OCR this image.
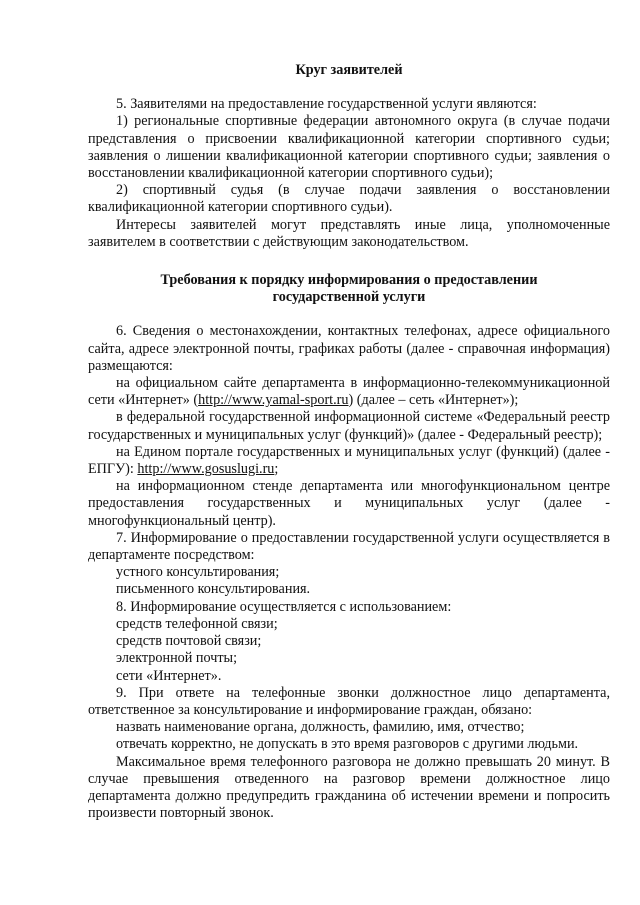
Круг заявителей

5. Заявителями на предоставление государственной услуги являются:

1) региональные спортивные федерации автономного округа (в случае подачи представления о присвоении квалификационной категории спортивного судьи; заявления о лишении квалификационной категории спортивного судьи; заявления о восстановлении квалификационной категории спортивного судьи);

2) спортивный судья (в случае подачи заявления о восстановлении квалификационной категории спортивного судьи).

Интересы заявителей могут представлять иные лица, уполномоченные заявителем в соответствии с действующим законодательством.

Требования к порядку информирования о предоставлении
государственной услуги

6. Сведения о местонахождении, контактных телефонах, адресе официального сайта, адресе электронной почты, графиках работы (далее - справочная информация) размещаются:

на официальном сайте департамента в информационно-телекоммуникационной сети «Интернет» (http://www.yamal-sport.ru) (далее – сеть «Интернет»);

в федеральной государственной информационной системе «Федеральный реестр государственных и муниципальных услуг (функций)» (далее - Федеральный реестр);

на Едином портале государственных и муниципальных услуг (функций) (далее - ЕПГУ): http://www.gosuslugi.ru;

на информационном стенде департамента или многофункциональном центре предоставления государственных и муниципальных услуг (далее - многофункциональный центр).

7. Информирование о предоставлении государственной услуги осуществляется в департаменте посредством:

устного консультирования;

письменного консультирования.

8. Информирование осуществляется с использованием:

средств телефонной связи;

средств почтовой связи;

электронной почты;

сети «Интернет».

9. При ответе на телефонные звонки должностное лицо департамента, ответственное за консультирование и информирование граждан, обязано:

назвать наименование органа, должность, фамилию, имя, отчество;

отвечать корректно, не допускать в это время разговоров с другими людьми.

Максимальное время телефонного разговора не должно превышать 20 минут. В случае превышения отведенного на разговор времени должностное лицо департамента должно предупредить гражданина об истечении времени и попросить произвести повторный звонок.
